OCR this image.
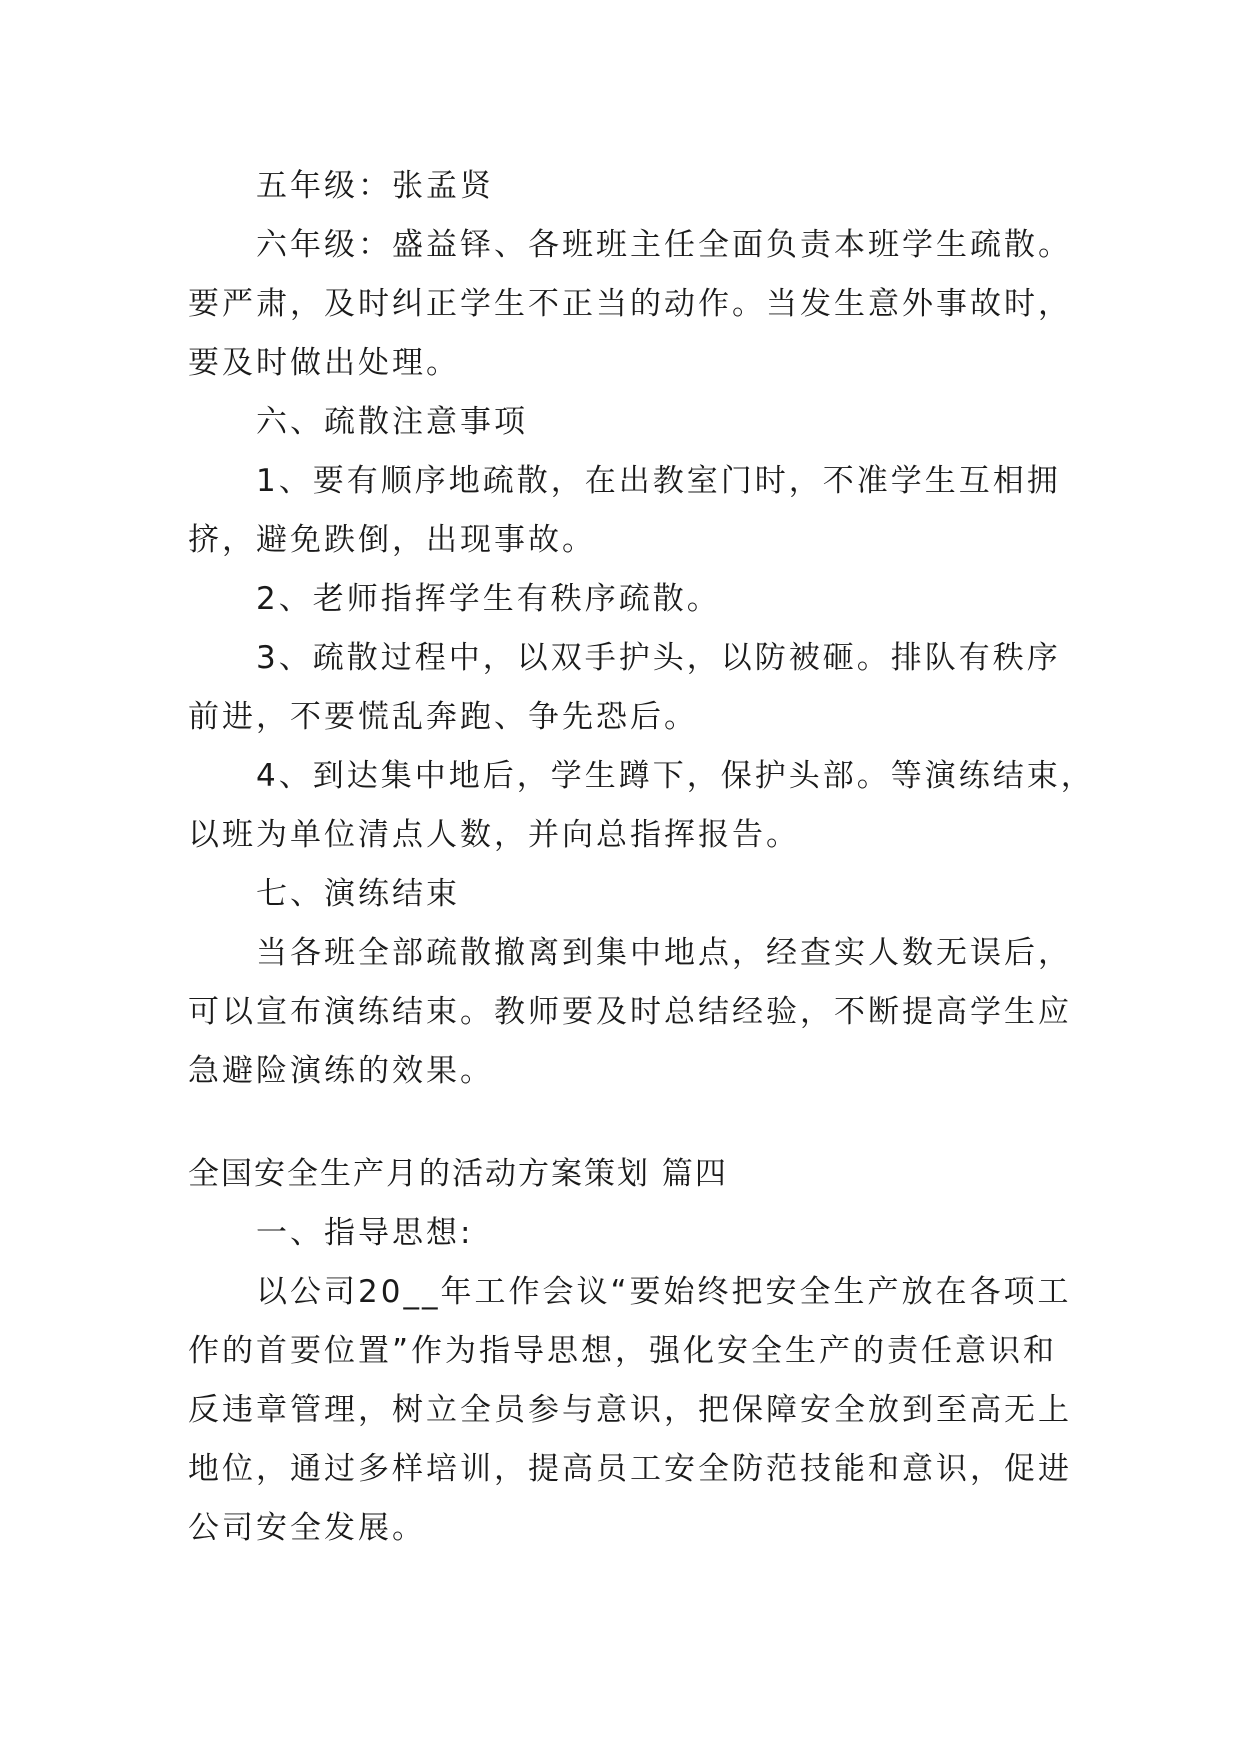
五年级：张孟贤
六年级：盛益铎、各班班主任全面负责本班学生疏散。
要严肃，及时纠正学生不正当的动作。当发生意外事故时，
要及时做出处理。
六、疏散注意事项
1、要有顺序地疏散，在出教室门时，不准学生互相拥
挤，避免跌倒，出现事故。
2、老师指挥学生有秩序疏散。
3、疏散过程中，以双手护头，以防被砸。排队有秩序
前进，不要慌乱奔跑、争先恐后。
4、到达集中地后，学生蹲下，保护头部。等演练结束，
以班为单位清点人数，并向总指挥报告。
七、演练结束
当各班全部疏散撤离到集中地点，经查实人数无误后，
可以宣布演练结束。教师要及时总结经验，不断提高学生应
急避险演练的效果。
全国安全生产月的活动方案策划 篇四
一、指导思想:
以公司20__年工作会议“要始终把安全生产放在各项工
作的首要位置”作为指导思想，强化安全生产的责任意识和
反违章管理，树立全员参与意识，把保障安全放到至高无上
地位，通过多样培训，提高员工安全防范技能和意识，促进
公司安全发展。
